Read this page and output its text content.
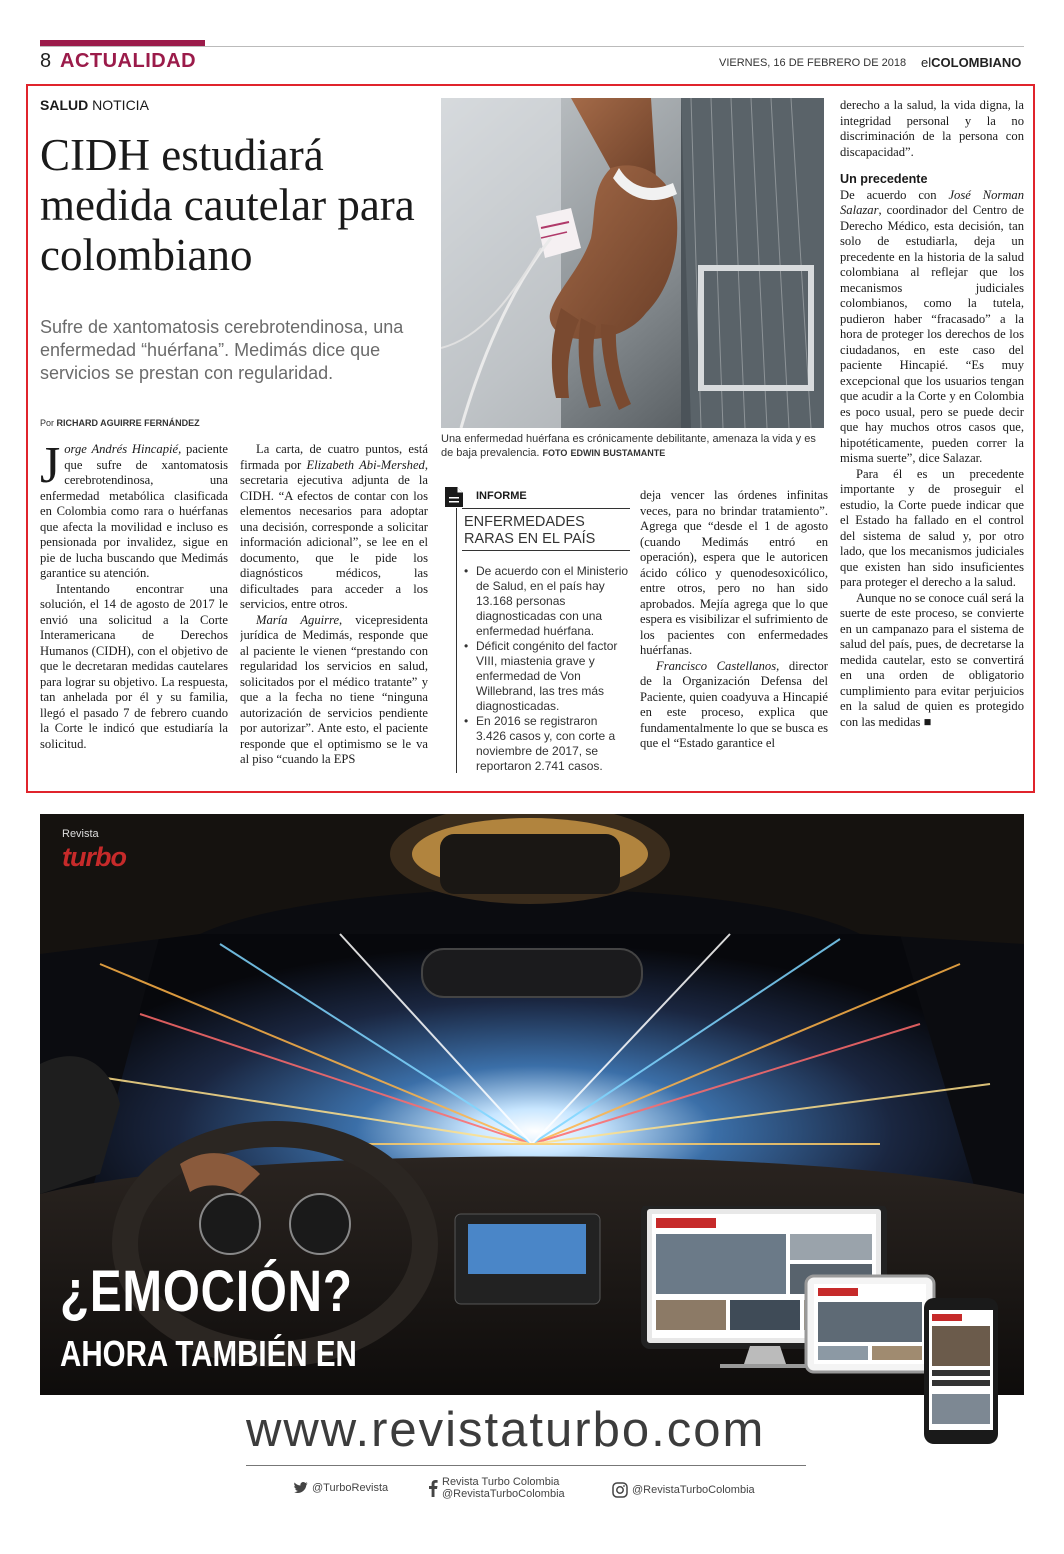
8 ACTUALIDAD	VIERNES, 16 DE FEBRERO DE 2018 elCOLOMBIANO
SALUD NOTICIA
CIDH estudiará medida cautelar para colombiano
Sufre de xantomatosis cerebrotendinosa, una enfermedad “huérfana”. Medimás dice que servicios se prestan con regularidad.
Por RICHARD AGUIRRE FERNÁNDEZ

Jorge Andrés Hincapié, paciente que sufre de xantomatosis cerebrotendinosa, una enfermedad metabólica clasificada en Colombia como rara o huérfanas que afecta la movilidad e incluso es pensionada por invalidez, sigue en pie de lucha buscando que Medimás garantice su atención.

Intentando encontrar una solución, el 14 de agosto de 2017 le envió una solicitud a la Corte Interamericana de Derechos Humanos (CIDH), con el objetivo de que le decretaran medidas cautelares para lograr su objetivo. La respuesta, tan anhelada por él y su familia, llegó el pasado 7 de febrero cuando la Corte le indicó que estudiaría la solicitud.

La carta, de cuatro puntos, está firmada por Elizabeth Abi-Mershed, secretaria ejecutiva adjunta de la CIDH. “A efectos de contar con los elementos necesarios para adoptar una decisión, corresponde a solicitar información adicional”, se lee en el documento, que le pide los diagnósticos médicos, las dificultades para acceder a los servicios, entre otros.

María Aguirre, vicepresidenta jurídica de Medimás, responde que al paciente le vienen “prestando con regularidad los servicios en salud, solicitados por el médico tratante” y que a la fecha no tiene “ninguna autorización de servicios pendiente por autorizar”. Ante esto, el paciente responde que el optimismo se le va al piso “cuando la EPS

Una enfermedad huérfana es crónicamente debilitante, amenaza la vida y es de baja prevalencia. FOTO EDWIN BUSTAMANTE
INFORME
ENFERMEDADES
RARAS EN EL PAÍS
• De acuerdo con el Ministerio de Salud, en el país hay 13.168 personas diagnosticadas con una enfermedad huérfana.
• Déficit congénito del factor VIII, miastenia grave y enfermedad de Von Willebrand, las tres más diagnosticadas.
• En 2016 se registraron 3.426 casos y, con corte a noviembre de 2017, se reportaron 2.741 casos.

deja vencer las órdenes infinitas veces, para no brindar tratamiento”. Agrega que “desde el 1 de agosto (cuando Medimás entró en operación), espera que le autoricen ácido cólico y quenodesoxicólico, entre otros, pero no han sido aprobados. Mejía agrega que lo que espera es visibilizar el sufrimiento de los pacientes con enfermedades huérfanas.

Francisco Castellanos, director de la Organización Defensa del Paciente, quien coadyuva a Hincapié en este proceso, explica que fundamentalmente lo que se busca es que el “Estado garantice el

derecho a la salud, la vida digna, la integridad personal y la no discriminación de la persona con discapacidad”.

Un precedente

De acuerdo con José Norman Salazar, coordinador del Centro de Derecho Médico, esta decisión, tan solo de estudiarla, deja un precedente en la historia de la salud colombiana al reflejar que los mecanismos judiciales colombianos, como la tutela, pudieron haber “fracasado” a la hora de proteger los derechos de los ciudadanos, en este caso del paciente Hincapié. “Es muy excepcional que los usuarios tengan que acudir a la Corte y en Colombia es poco usual, pero se puede decir que hay muchos otros casos que, hipotéticamente, pueden correr la misma suerte”, dice Salazar.

Para él es un precedente importante y de proseguir el estudio, la Corte puede indicar que el Estado ha fallado en el control del sistema de salud y, por otro lado, que los mecanismos judiciales que existen han sido insuficientes para proteger el derecho a la salud.

Aunque no se conoce cuál será la suerte de este proceso, se convierte en un campanazo para el sistema de salud del país, pues, de decretarse la medida cautelar, esto se convertirá en una orden de obligatorio cumplimiento para evitar perjuicios en la salud de quien es protegido con las medidas ■

Revista
turbo
¿EMOCIÓN?
AHORA TAMBIÉN EN
www.revistaturbo.com
@TurboRevista	Revista Turbo Colombia
@RevistaTurboColombia	@RevistaTurboColombia
